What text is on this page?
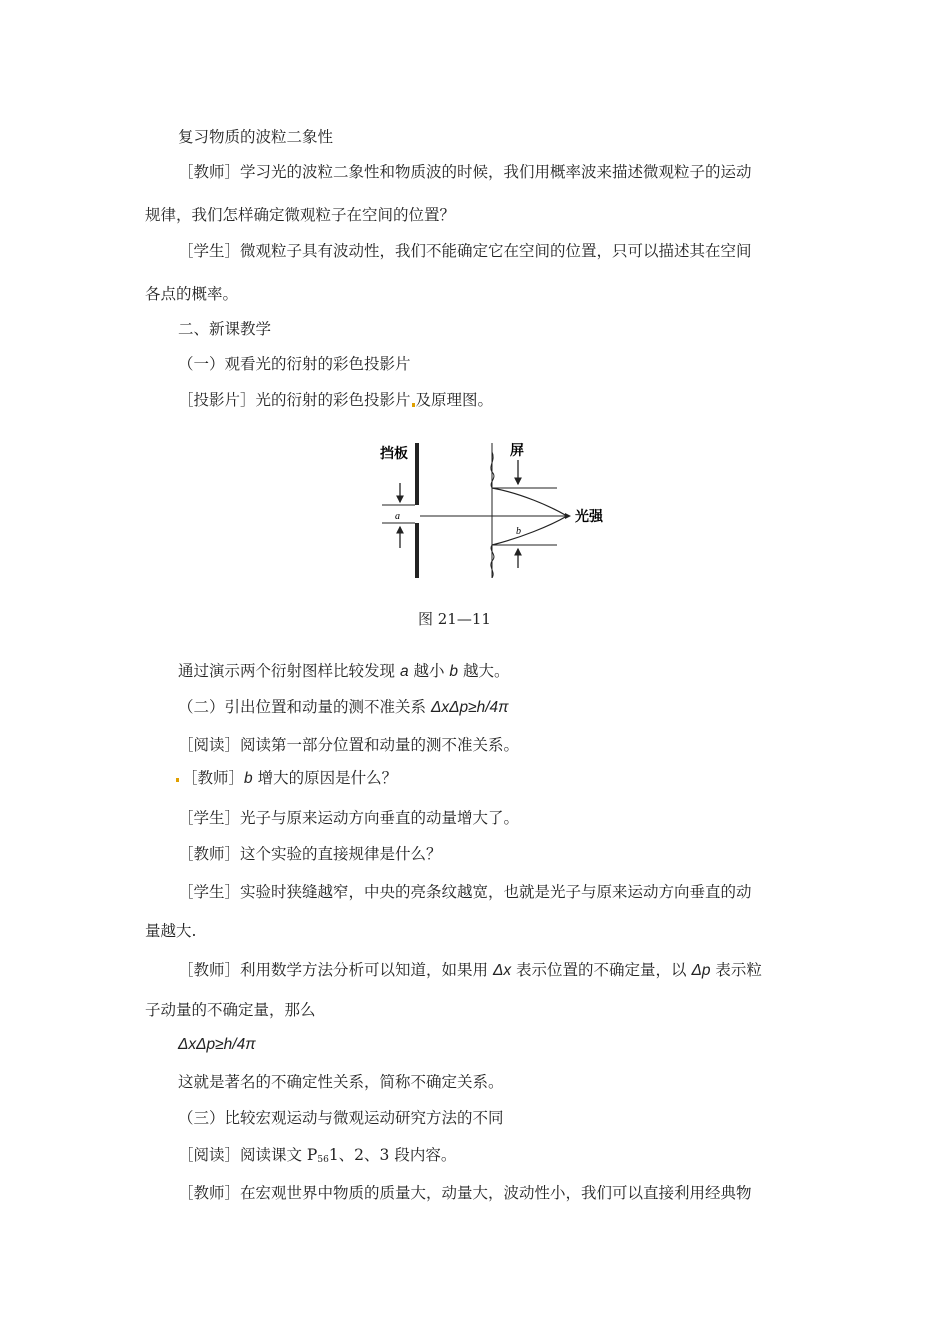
复习物质的波粒二象性
［教师］学习光的波粒二象性和物质波的时候，我们用概率波来描述微观粒子的运动
规律，我们怎样确定微观粒子在空间的位置？
［学生］微观粒子具有波动性，我们不能确定它在空间的位置，只可以描述其在空间
各点的概率。
二、新课教学
（一）观看光的衍射的彩色投影片
［投影片］光的衍射的彩色投影片 及原理图。
挡板
a
屏
b
光强
图 21—11
通过演示两个衍射图样比较发现 a 越小 b 越大。
（二）引出位置和动量的测不准关系 ΔxΔp≥h/4π
［阅读］阅读第一部分位置和动量的测不准关系。
［教师］b 增大的原因是什么？
［学生］光子与原来运动方向垂直的动量增大了。
［教师］这个实验的直接规律是什么？
［学生］实验时狭缝越窄，中央的亮条纹越宽，也就是光子与原来运动方向垂直的动
量越大.
［教师］利用数学方法分析可以知道，如果用 Δx 表示位置的不确定量，以 Δp 表示粒
子动量的不确定量，那么
ΔxΔp≥h/4π
这就是著名的不确定性关系，简称不确定关系。
（三）比较宏观运动与微观运动研究方法的不同
［阅读］阅读课文 $P_{56}1$、2、3 段内容。
［教师］在宏观世界中物质的质量大，动量大，波动性小，我们可以直接利用经典物
